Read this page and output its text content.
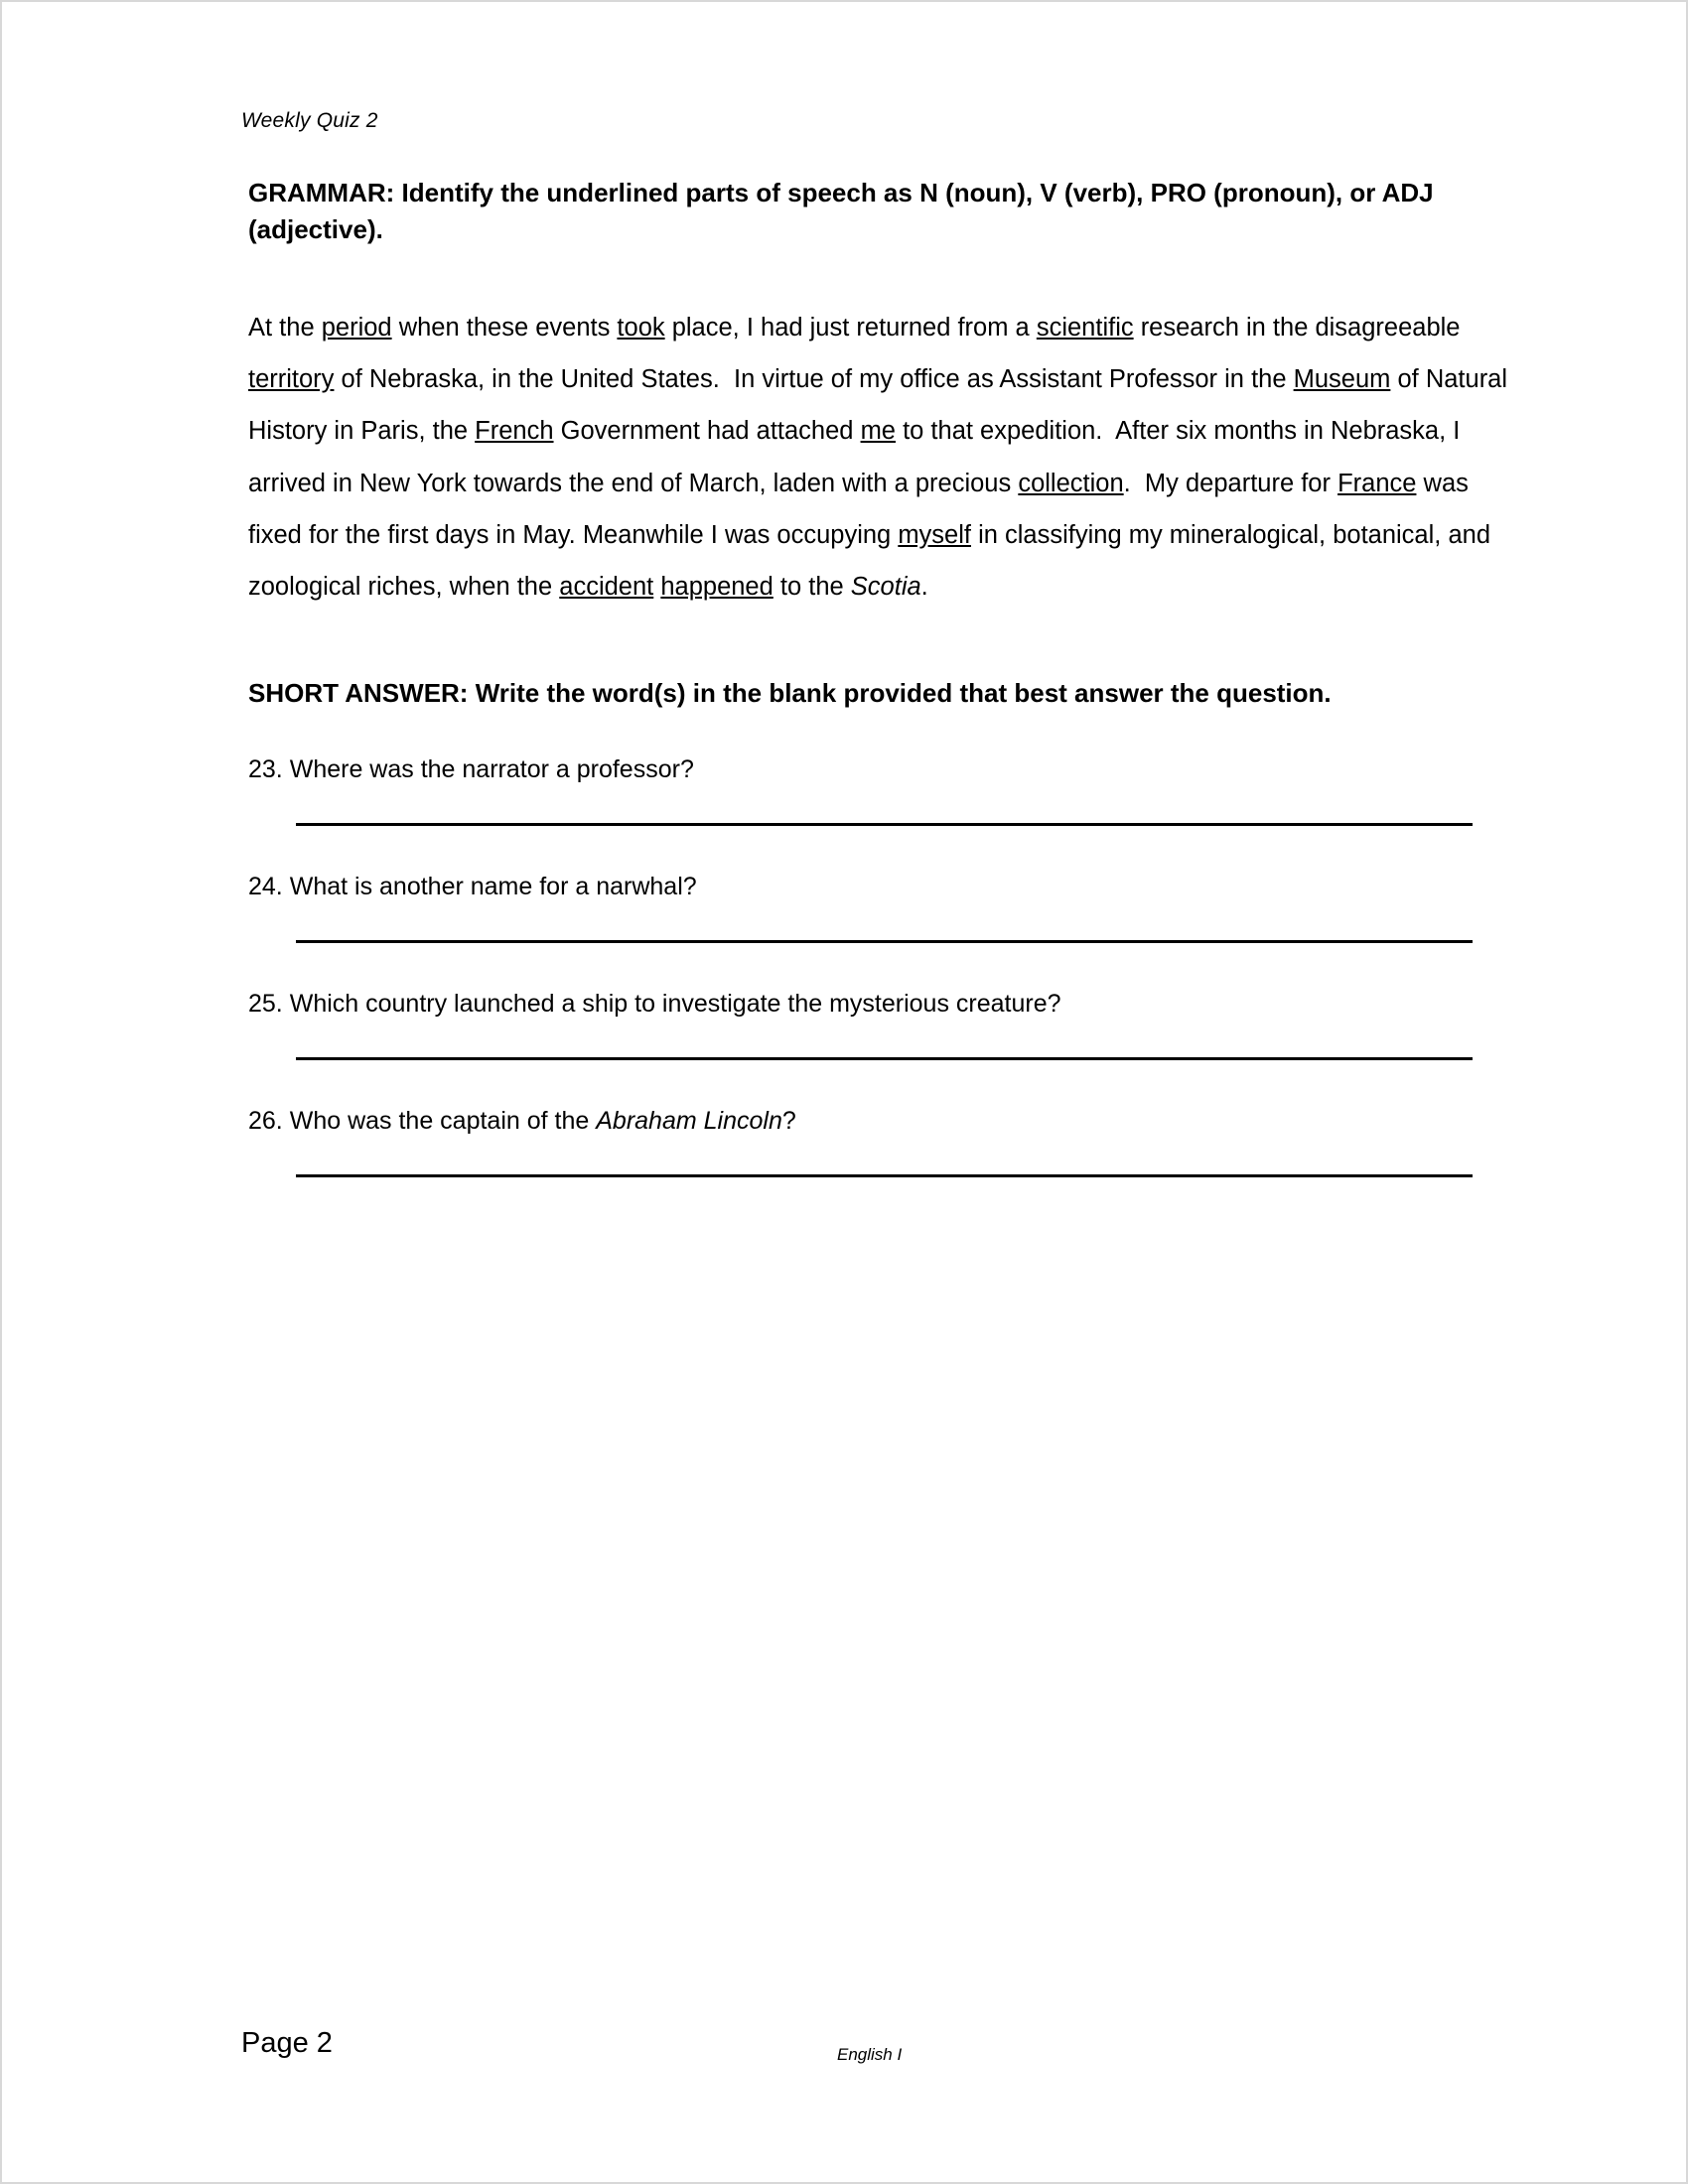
Weekly Quiz 2
GRAMMAR: Identify the underlined parts of speech as N (noun), V (verb), PRO (pronoun), or ADJ (adjective).
At the period when these events took place, I had just returned from a scientific research in the disagreeable territory of Nebraska, in the United States.  In virtue of my office as Assistant Professor in the Museum of Natural History in Paris, the French Government had attached me to that expedition.  After six months in Nebraska, I arrived in New York towards the end of March, laden with a precious collection.  My departure for France was fixed for the first days in May. Meanwhile I was occupying myself in classifying my mineralogical, botanical, and zoological riches, when the accident happened to the Scotia.
SHORT ANSWER: Write the word(s) in the blank provided that best answer the question.
23. Where was the narrator a professor?
24. What is another name for a narwhal?
25. Which country launched a ship to investigate the mysterious creature?
26. Who was the captain of the Abraham Lincoln?
Page 2	English I
